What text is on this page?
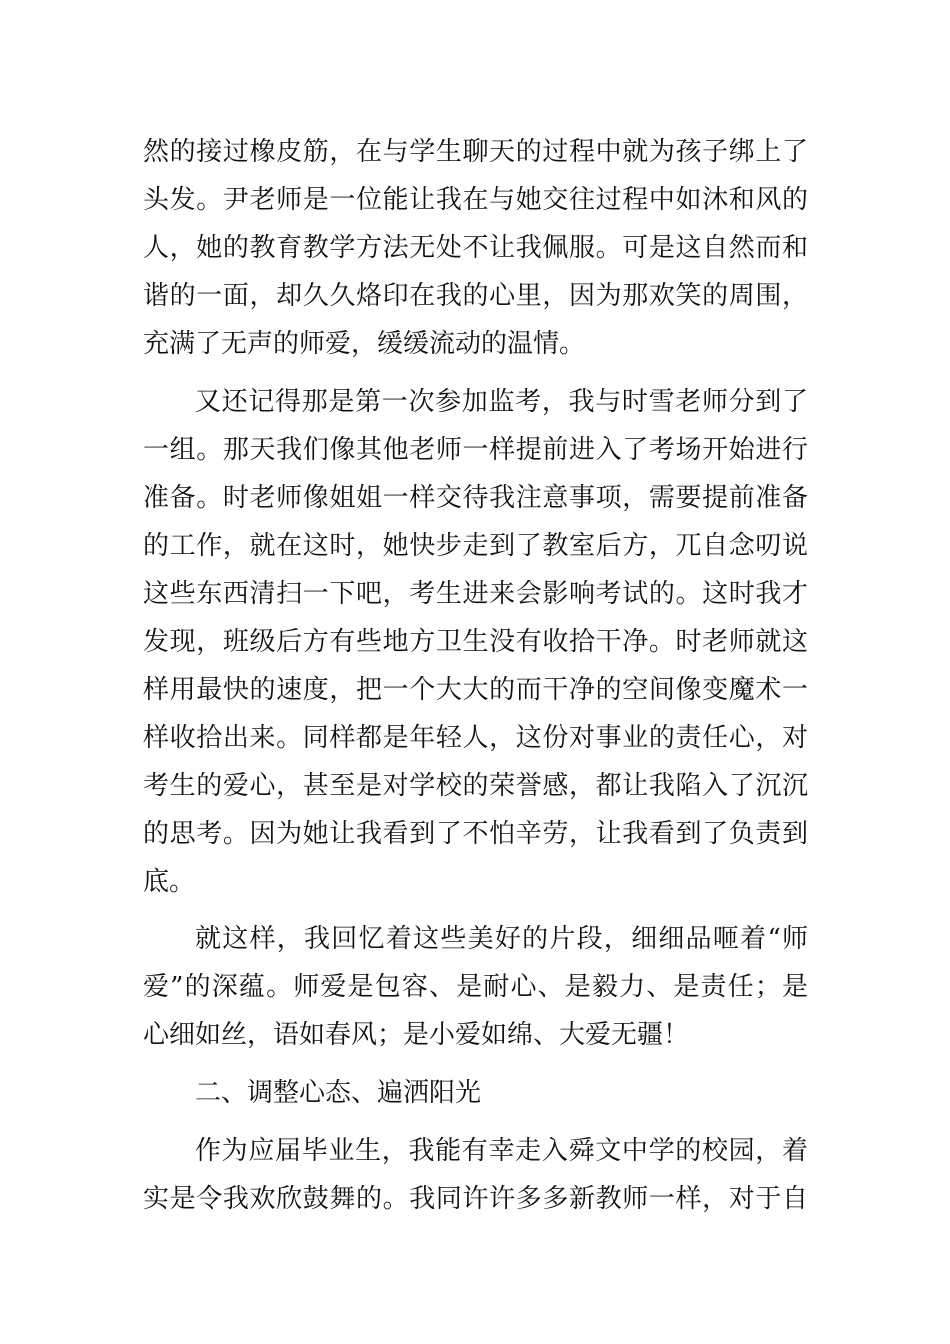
然的接过橡皮筋，在与学生聊天的过程中就为孩子绑上了
头发。尹老师是一位能让我在与她交往过程中如沐和风的
人，她的教育教学方法无处不让我佩服。可是这自然而和
谐的一面，却久久烙印在我的心里，因为那欢笑的周围，
充满了无声的师爱，缓缓流动的温情。
又还记得那是第一次参加监考，我与时雪老师分到了
一组。那天我们像其他老师一样提前进入了考场开始进行
准备。时老师像姐姐一样交待我注意事项，需要提前准备
的工作，就在这时，她快步走到了教室后方，兀自念叨说
这些东西清扫一下吧，考生进来会影响考试的。这时我才
发现，班级后方有些地方卫生没有收拾干净。时老师就这
样用最快的速度，把一个大大的而干净的空间像变魔术一
样收拾出来。同样都是年轻人，这份对事业的责任心，对
考生的爱心，甚至是对学校的荣誉感，都让我陷入了沉沉
的思考。因为她让我看到了不怕辛劳，让我看到了负责到
底。
就这样，我回忆着这些美好的片段，细细品咂着“师
爱”的深蕴。师爱是包容、是耐心、是毅力、是责任；是
心细如丝，语如春风；是小爱如绵、大爱无疆！
二、调整心态、遍洒阳光
作为应届毕业生，我能有幸走入舜文中学的校园，着
实是令我欢欣鼓舞的。我同许许多多新教师一样，对于自
